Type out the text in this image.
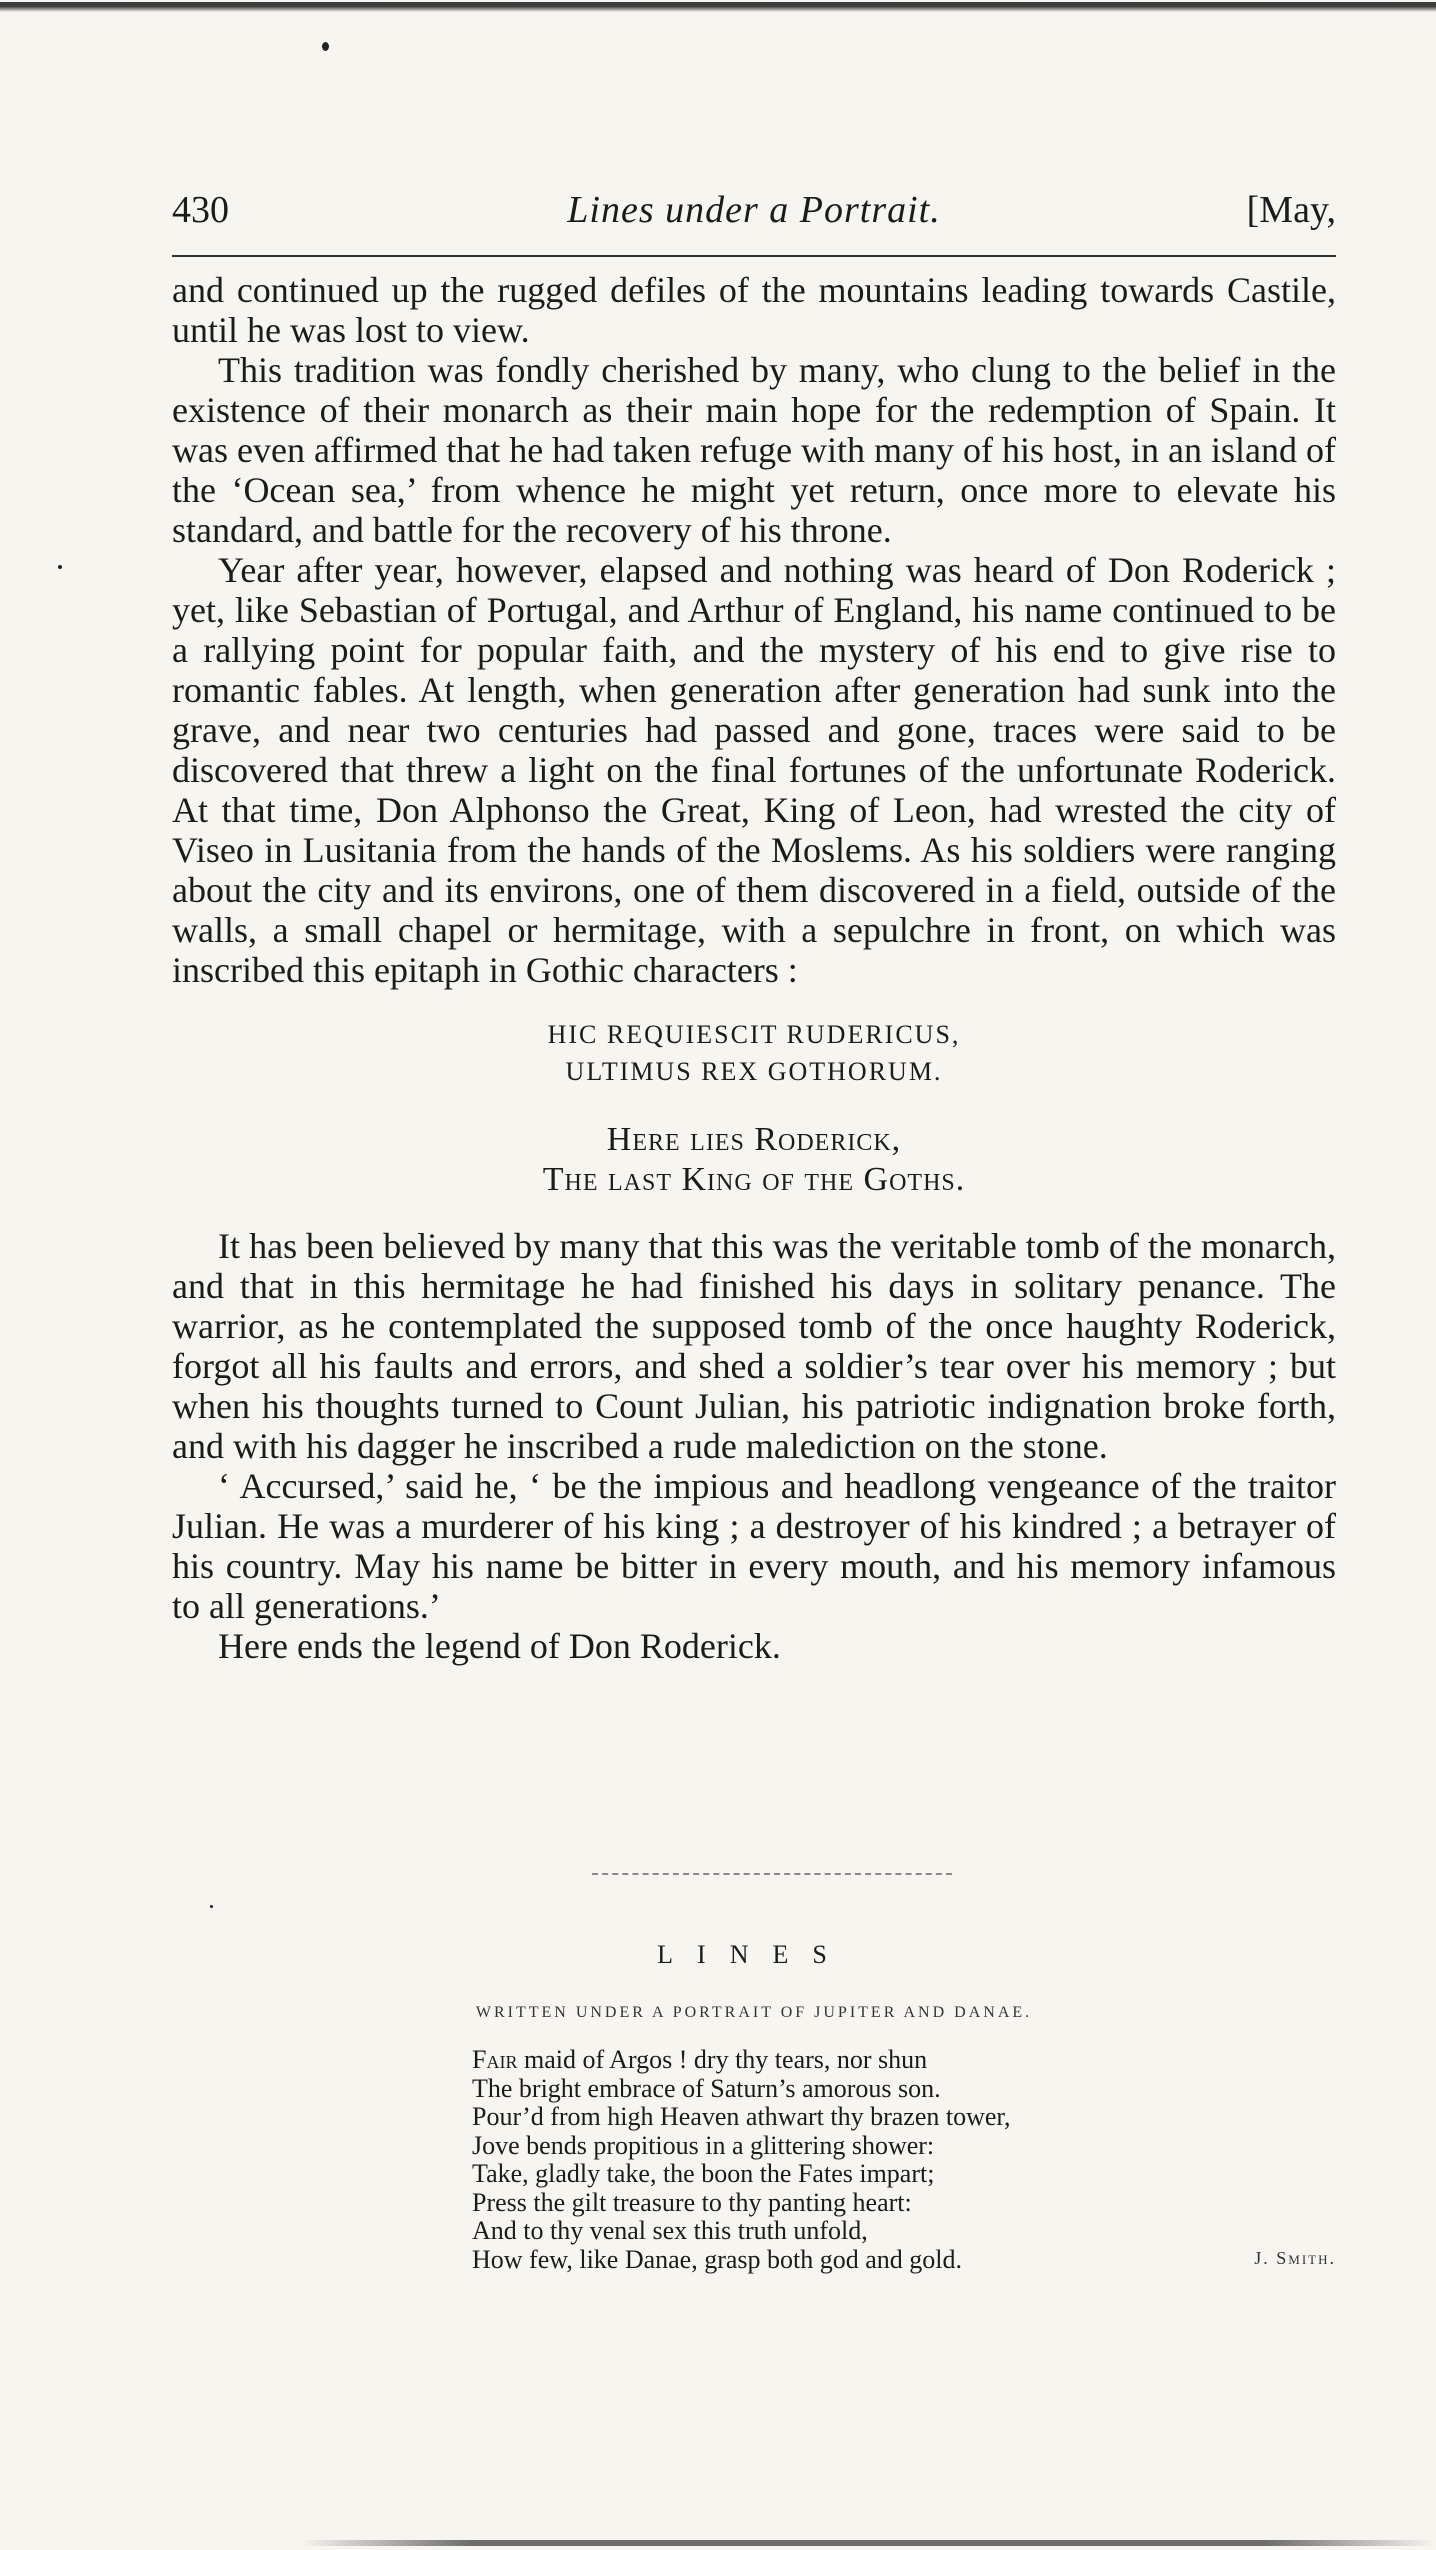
430	Lines under a Portrait.	[May,

and continued up the rugged defiles of the mountains leading towards Castile, until he was lost to view.

This tradition was fondly cherished by many, who clung to the belief in the existence of their monarch as their main hope for the redemption of Spain. It was even affirmed that he had taken refuge with many of his host, in an island of the ‘Ocean sea,’ from whence he might yet return, once more to elevate his standard, and battle for the recovery of his throne.

Year after year, however, elapsed and nothing was heard of Don Roderick ; yet, like Sebastian of Portugal, and Arthur of England, his name continued to be a rallying point for popular faith, and the mystery of his end to give rise to romantic fables. At length, when generation after generation had sunk into the grave, and near two centuries had passed and gone, traces were said to be discovered that threw a light on the final fortunes of the unfortunate Roderick. At that time, Don Alphonso the Great, King of Leon, had wrested the city of Viseo in Lusitania from the hands of the Moslems. As his soldiers were ranging about the city and its environs, one of them discovered in a field, outside of the walls, a small chapel or hermitage, with a sepulchre in front, on which was inscribed this epitaph in Gothic characters :

HIC REQUIESCIT RUDERICUS,
ULTIMUS REX GOTHORUM.
Here lies Roderick,
The last King of the Goths.

It has been believed by many that this was the veritable tomb of the monarch, and that in this hermitage he had finished his days in solitary penance. The warrior, as he contemplated the supposed tomb of the once haughty Roderick, forgot all his faults and errors, and shed a soldier’s tear over his memory ; but when his thoughts turned to Count Julian, his patriotic indignation broke forth, and with his dagger he inscribed a rude malediction on the stone.

‘ Accursed,’ said he, ‘ be the impious and headlong vengeance of the traitor Julian. He was a murderer of his king ; a destroyer of his kindred ; a betrayer of his country. May his name be bitter in every mouth, and his memory infamous to all generations.’

Here ends the legend of Don Roderick.

LINES
WRITTEN UNDER A PORTRAIT OF JUPITER AND DANAE.
Fair maid of Argos ! dry thy tears, nor shun
The bright embrace of Saturn’s amorous son.
Pour’d from high Heaven athwart thy brazen tower,
Jove bends propitious in a glittering shower:
Take, gladly take, the boon the Fates impart;
Press the gilt treasure to thy panting heart:
And to thy venal sex this truth unfold,
How few, like Danae, grasp both god and gold.	J. Smith.
